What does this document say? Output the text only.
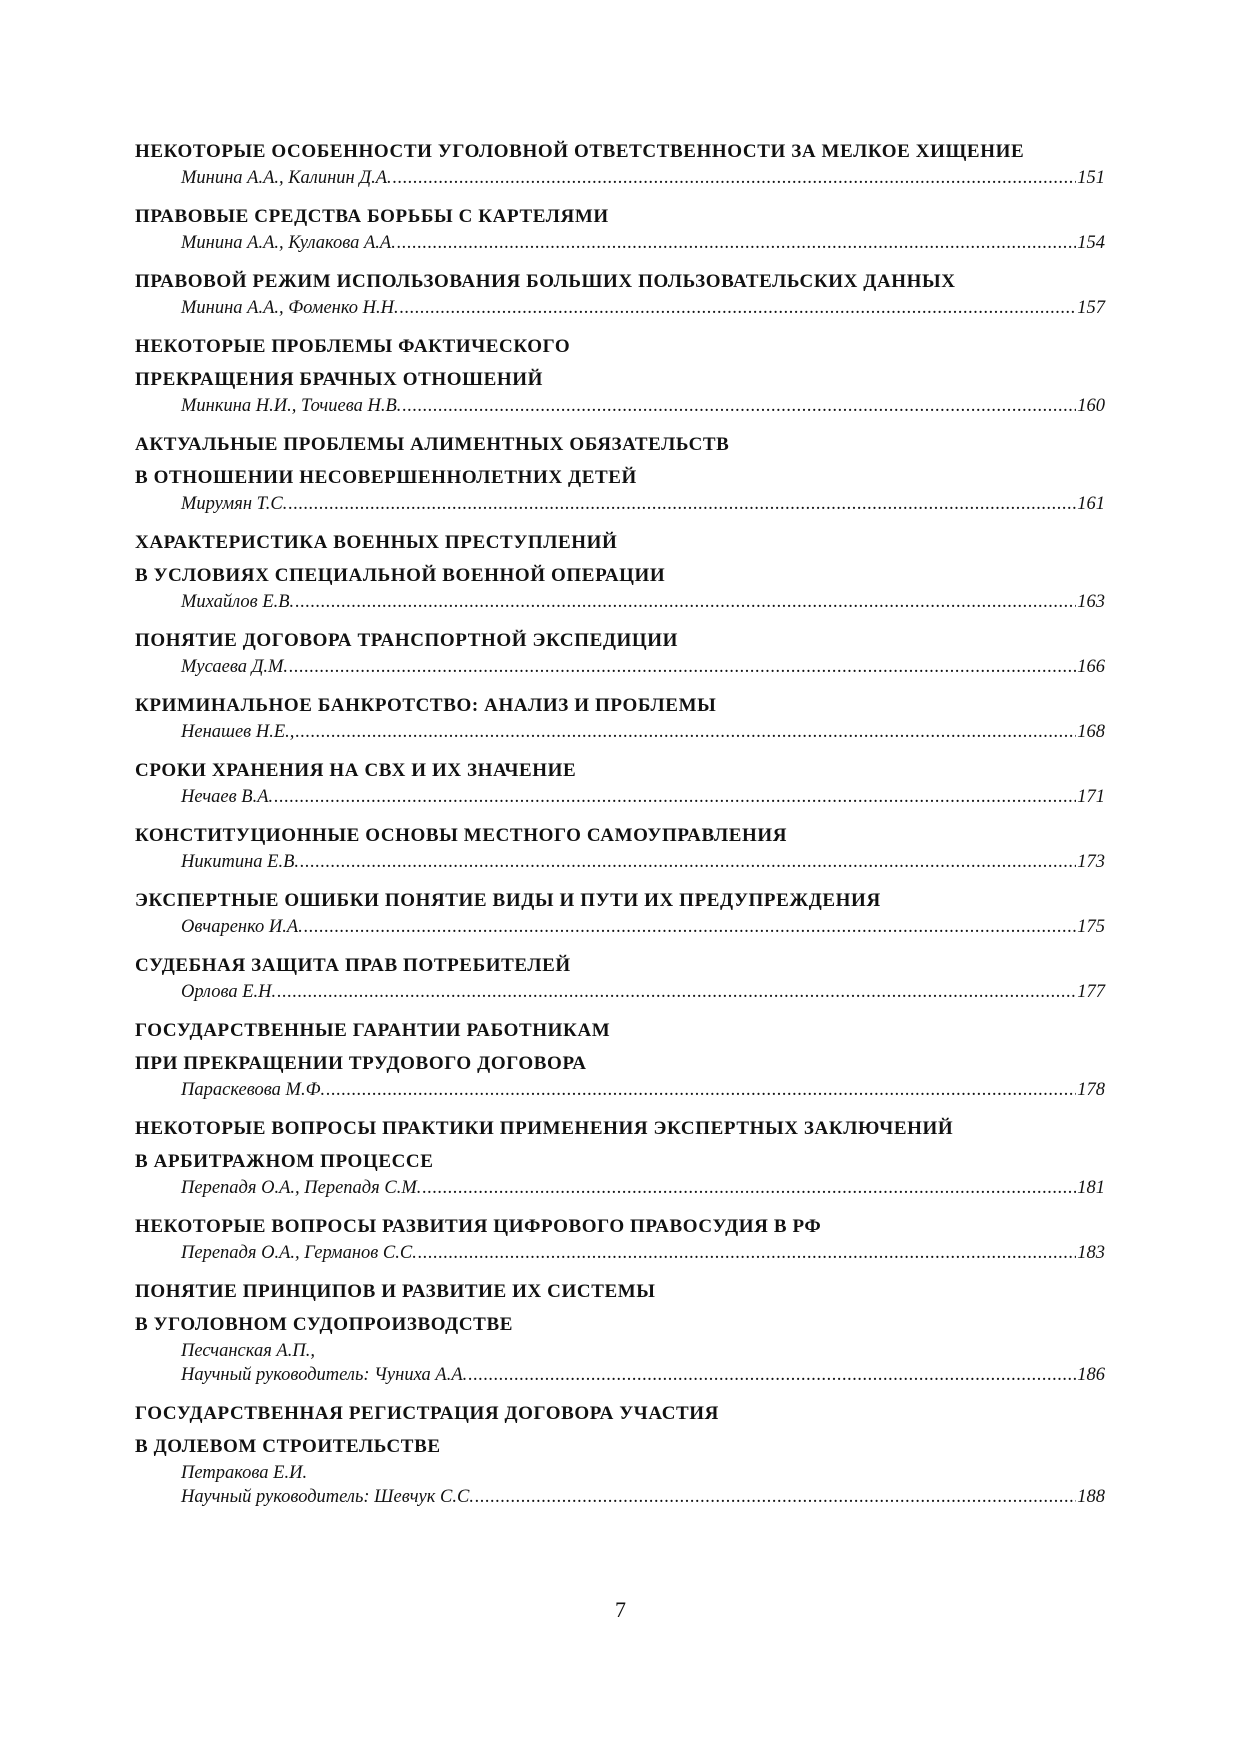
НЕКОТОРЫЕ ОСОБЕННОСТИ УГОЛОВНОЙ ОТВЕТСТВЕННОСТИ ЗА МЕЛКОЕ ХИЩЕНИЕ
Минина А.А., Калинин Д.А. .....	151
ПРАВОВЫЕ СРЕДСТВА БОРЬБЫ С КАРТЕЛЯМИ
Минина А.А., Кулакова А.А. .....	154
ПРАВОВОЙ РЕЖИМ ИСПОЛЬЗОВАНИЯ БОЛЬШИХ ПОЛЬЗОВАТЕЛЬСКИХ ДАННЫХ
Минина А.А., Фоменко Н.Н. .....	157
НЕКОТОРЫЕ ПРОБЛЕМЫ ФАКТИЧЕСКОГО
ПРЕКРАЩЕНИЯ БРАЧНЫХ ОТНОШЕНИЙ
Минкина Н.И., Точиева Н.В. .....	160
АКТУАЛЬНЫЕ ПРОБЛЕМЫ АЛИМЕНТНЫХ ОБЯЗАТЕЛЬСТВ
В ОТНОШЕНИИ НЕСОВЕРШЕННОЛЕТНИХ ДЕТЕЙ
Мирумян Т.С. .....	161
ХАРАКТЕРИСТИКА ВОЕННЫХ ПРЕСТУПЛЕНИЙ
В УСЛОВИЯХ СПЕЦИАЛЬНОЙ ВОЕННОЙ ОПЕРАЦИИ
Михайлов Е.В. .....	163
ПОНЯТИЕ ДОГОВОРА ТРАНСПОРТНОЙ ЭКСПЕДИЦИИ
Мусаева Д.М. .....	166
КРИМИНАЛЬНОЕ БАНКРОТСТВО: АНАЛИЗ И ПРОБЛЕМЫ
Ненашев Н.Е., .....	168
СРОКИ ХРАНЕНИЯ НА СВХ И ИХ ЗНАЧЕНИЕ
Нечаев В.А. .....	171
КОНСТИТУЦИОННЫЕ ОСНОВЫ МЕСТНОГО САМОУПРАВЛЕНИЯ
Никитина Е.В. .....	173
ЭКСПЕРТНЫЕ ОШИБКИ ПОНЯТИЕ ВИДЫ И ПУТИ ИХ ПРЕДУПРЕЖДЕНИЯ
Овчаренко И.А. .....	175
СУДЕБНАЯ ЗАЩИТА ПРАВ ПОТРЕБИТЕЛЕЙ
Орлова Е.Н. .....	177
ГОСУДАРСТВЕННЫЕ ГАРАНТИИ РАБОТНИКАМ
ПРИ ПРЕКРАЩЕНИИ ТРУДОВОГО ДОГОВОРА
Параскевова М.Ф. .....	178
НЕКОТОРЫЕ ВОПРОСЫ ПРАКТИКИ ПРИМЕНЕНИЯ ЭКСПЕРТНЫХ ЗАКЛЮЧЕНИЙ
В АРБИТРАЖНОМ ПРОЦЕССЕ
Перепадя О.А., Перепадя С.М. .....	181
НЕКОТОРЫЕ ВОПРОСЫ РАЗВИТИЯ ЦИФРОВОГО ПРАВОСУДИЯ В РФ
Перепадя О.А., Германов С.С. .....	183
ПОНЯТИЕ ПРИНЦИПОВ И РАЗВИТИЕ ИХ СИСТЕМЫ
В УГОЛОВНОМ СУДОПРОИЗВОДСТВЕ
Песчанская А.П.,
Научный руководитель: Чуниха А.А. .....	186
ГОСУДАРСТВЕННАЯ РЕГИСТРАЦИЯ ДОГОВОРА УЧАСТИЯ
В ДОЛЕВОМ СТРОИТЕЛЬСТВЕ
Петракова Е.И.
Научный руководитель: Шевчук С.С. .....	188
7
